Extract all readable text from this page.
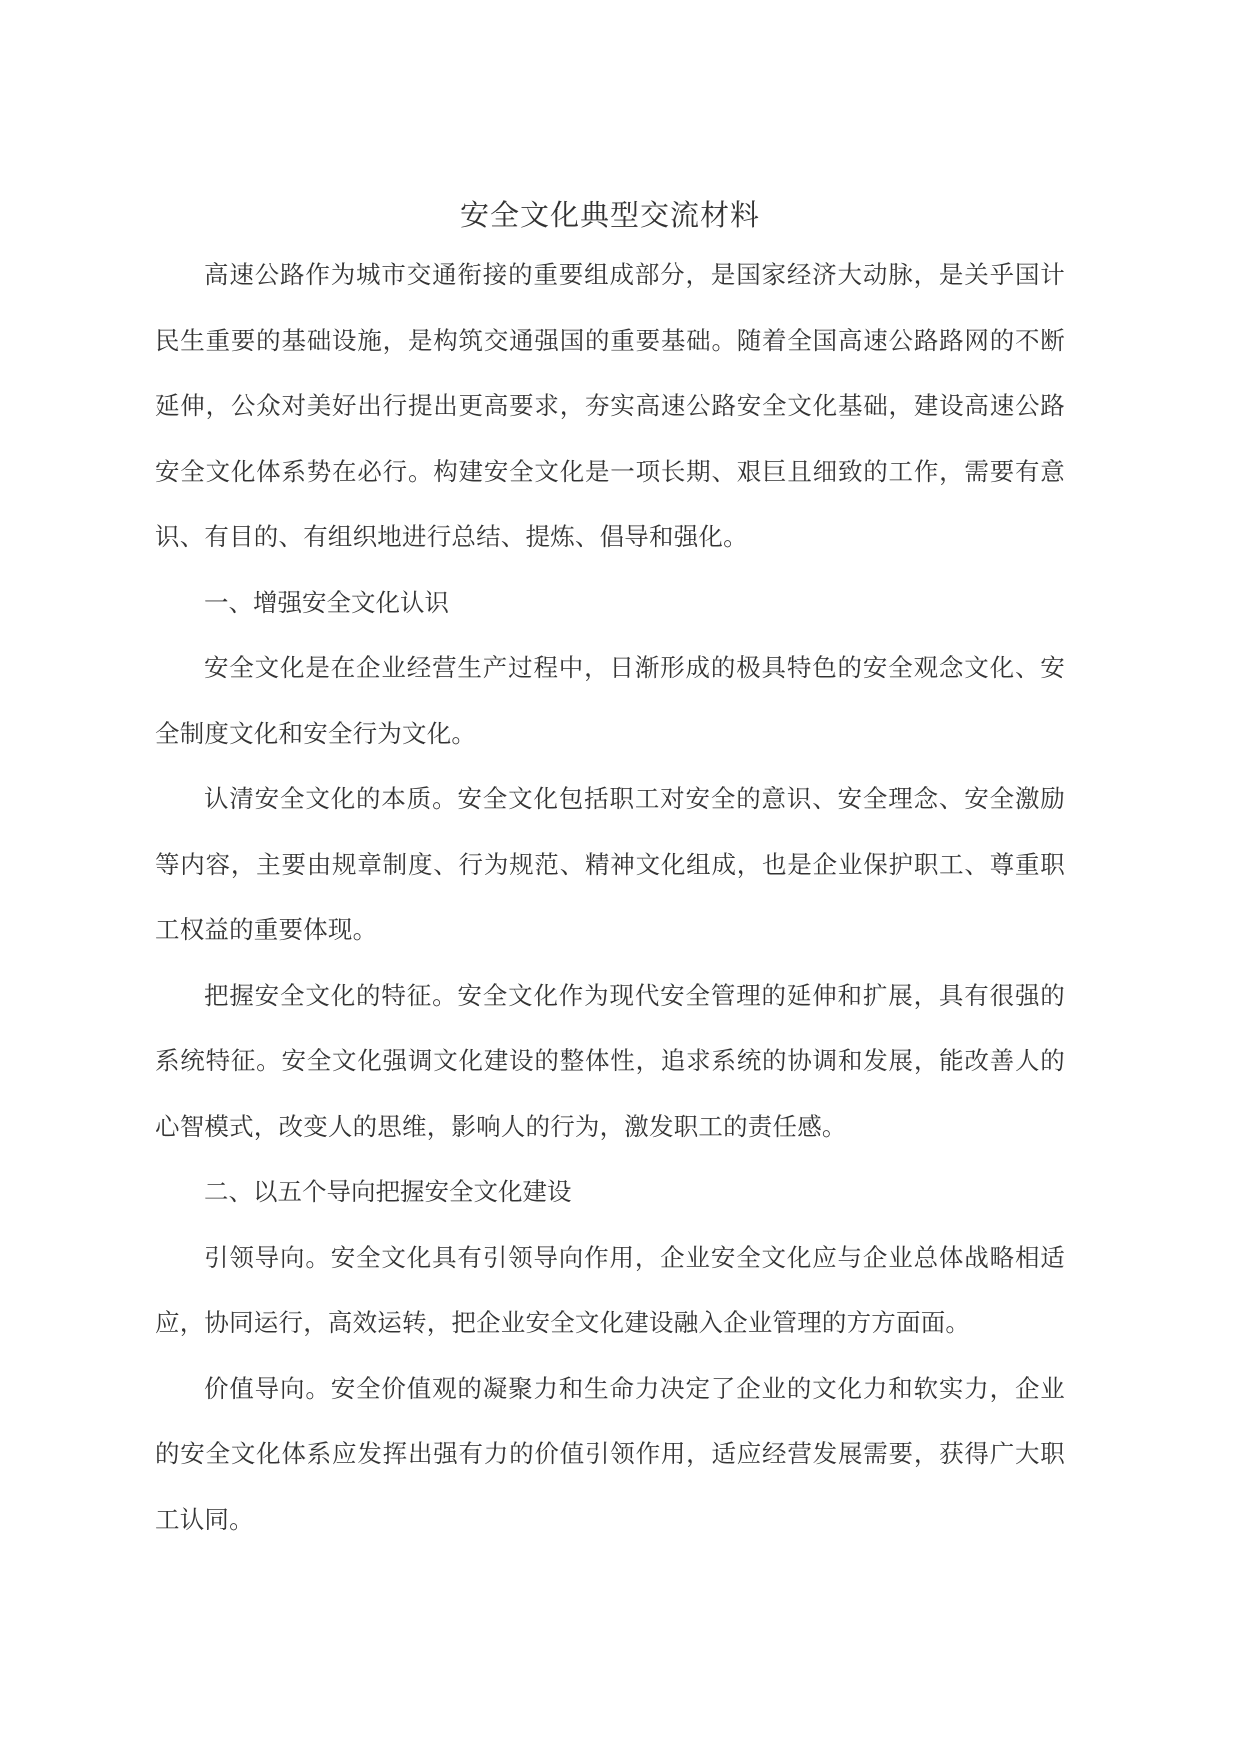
安全文化典型交流材料

高速公路作为城市交通衔接的重要组成部分，是国家经济大动脉，是关乎国计民生重要的基础设施，是构筑交通强国的重要基础。随着全国高速公路路网的不断延伸，公众对美好出行提出更高要求，夯实高速公路安全文化基础，建设高速公路安全文化体系势在必行。构建安全文化是一项长期、艰巨且细致的工作，需要有意识、有目的、有组织地进行总结、提炼、倡导和强化。

一、增强安全文化认识

安全文化是在企业经营生产过程中，日渐形成的极具特色的安全观念文化、安全制度文化和安全行为文化。

认清安全文化的本质。安全文化包括职工对安全的意识、安全理念、安全激励等内容，主要由规章制度、行为规范、精神文化组成，也是企业保护职工、尊重职工权益的重要体现。

把握安全文化的特征。安全文化作为现代安全管理的延伸和扩展，具有很强的系统特征。安全文化强调文化建设的整体性，追求系统的协调和发展，能改善人的心智模式，改变人的思维，影响人的行为，激发职工的责任感。

二、以五个导向把握安全文化建设

引领导向。安全文化具有引领导向作用，企业安全文化应与企业总体战略相适应，协同运行，高效运转，把企业安全文化建设融入企业管理的方方面面。

价值导向。安全价值观的凝聚力和生命力决定了企业的文化力和软实力，企业的安全文化体系应发挥出强有力的价值引领作用，适应经营发展需要，获得广大职工认同。
